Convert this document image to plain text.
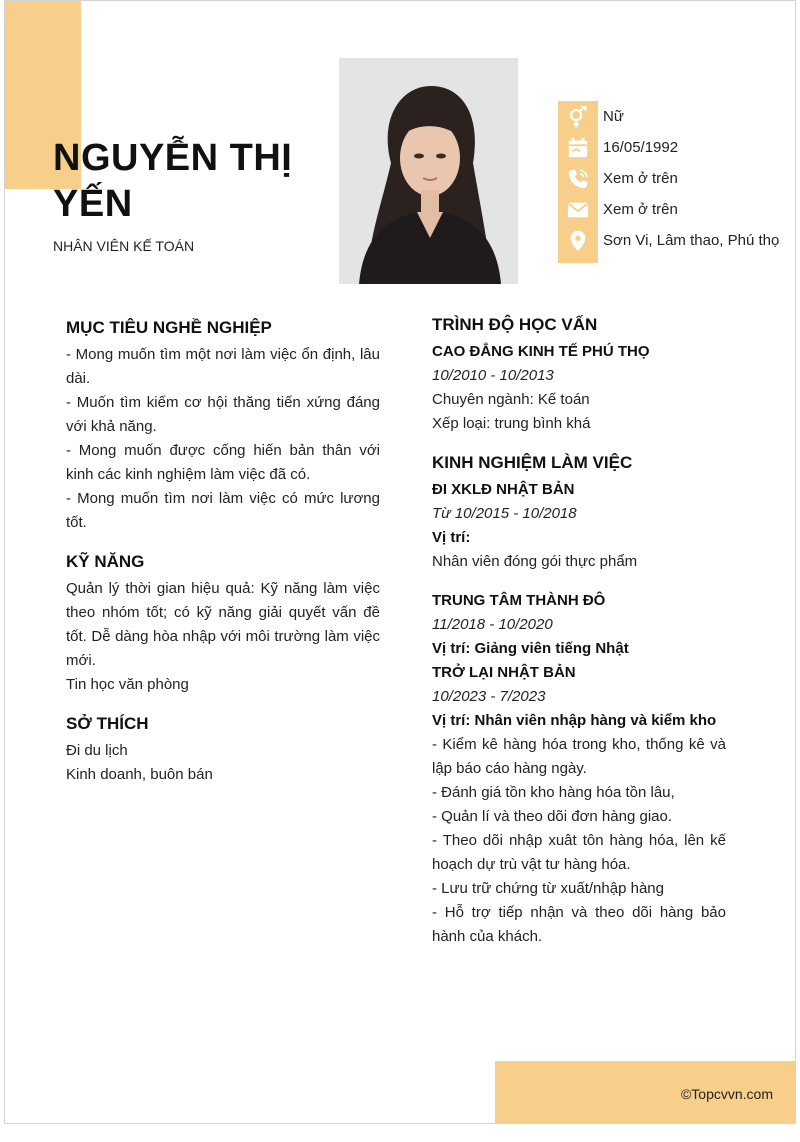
©Topcvvn.com
NGUYỄN THỊ YẾN
NHÂN VIÊN KẾ TOÁN
Nữ
16/05/1992
Xem ở trên
Xem ở trên
Sơn Vi, Lâm thao, Phú thọ
MỤC TIÊU NGHỀ NGHIỆP
- Mong muốn tìm một nơi làm việc ổn định, lâu dài.
- Muốn tìm kiếm cơ hội thăng tiến xứng đáng với khả năng.
- Mong muốn được cống hiến bản thân với kinh các kinh nghiệm làm việc đã có.
- Mong muốn tìm nơi làm việc có mức lương tốt.
KỸ NĂNG
Quản lý thời gian hiệu quả: Kỹ năng làm việc theo nhóm tốt; có kỹ năng giải quyết vấn đề tốt. Dễ dàng hòa nhập với môi trường làm việc mới.
Tin học văn phòng
SỞ THÍCH
Đi du lịch
Kinh doanh, buôn bán
TRÌNH ĐỘ HỌC VẤN
CAO ĐẲNG KINH TẾ PHÚ THỌ
10/2010 - 10/2013
Chuyên ngành: Kế toán
Xếp loại: trung bình khá
KINH NGHIỆM LÀM VIỆC
ĐI XKLĐ NHẬT BẢN
Từ 10/2015 - 10/2018
Vị trí:
Nhân viên đóng gói thực phẩm
TRUNG TÂM THÀNH ĐÔ
11/2018 - 10/2020
Vị trí: Giảng viên tiếng Nhật
TRỞ LẠI NHẬT BẢN
10/2023 - 7/2023
Vị trí: Nhân viên nhập hàng và kiểm kho
- Kiểm kê hàng hóa trong kho, thống kê và lập báo cáo hàng ngày.
- Đánh giá tồn kho hàng hóa tồn lâu,
- Quản lí và theo dõi đơn hàng giao.
- Theo dõi nhập xuât tôn hàng hóa, lên kế hoạch dự trù vật tư hàng hóa.
- Lưu trữ chứng từ xuất/nhập hàng
- Hỗ trợ tiếp nhận và theo dõi hàng bảo hành của khách.
